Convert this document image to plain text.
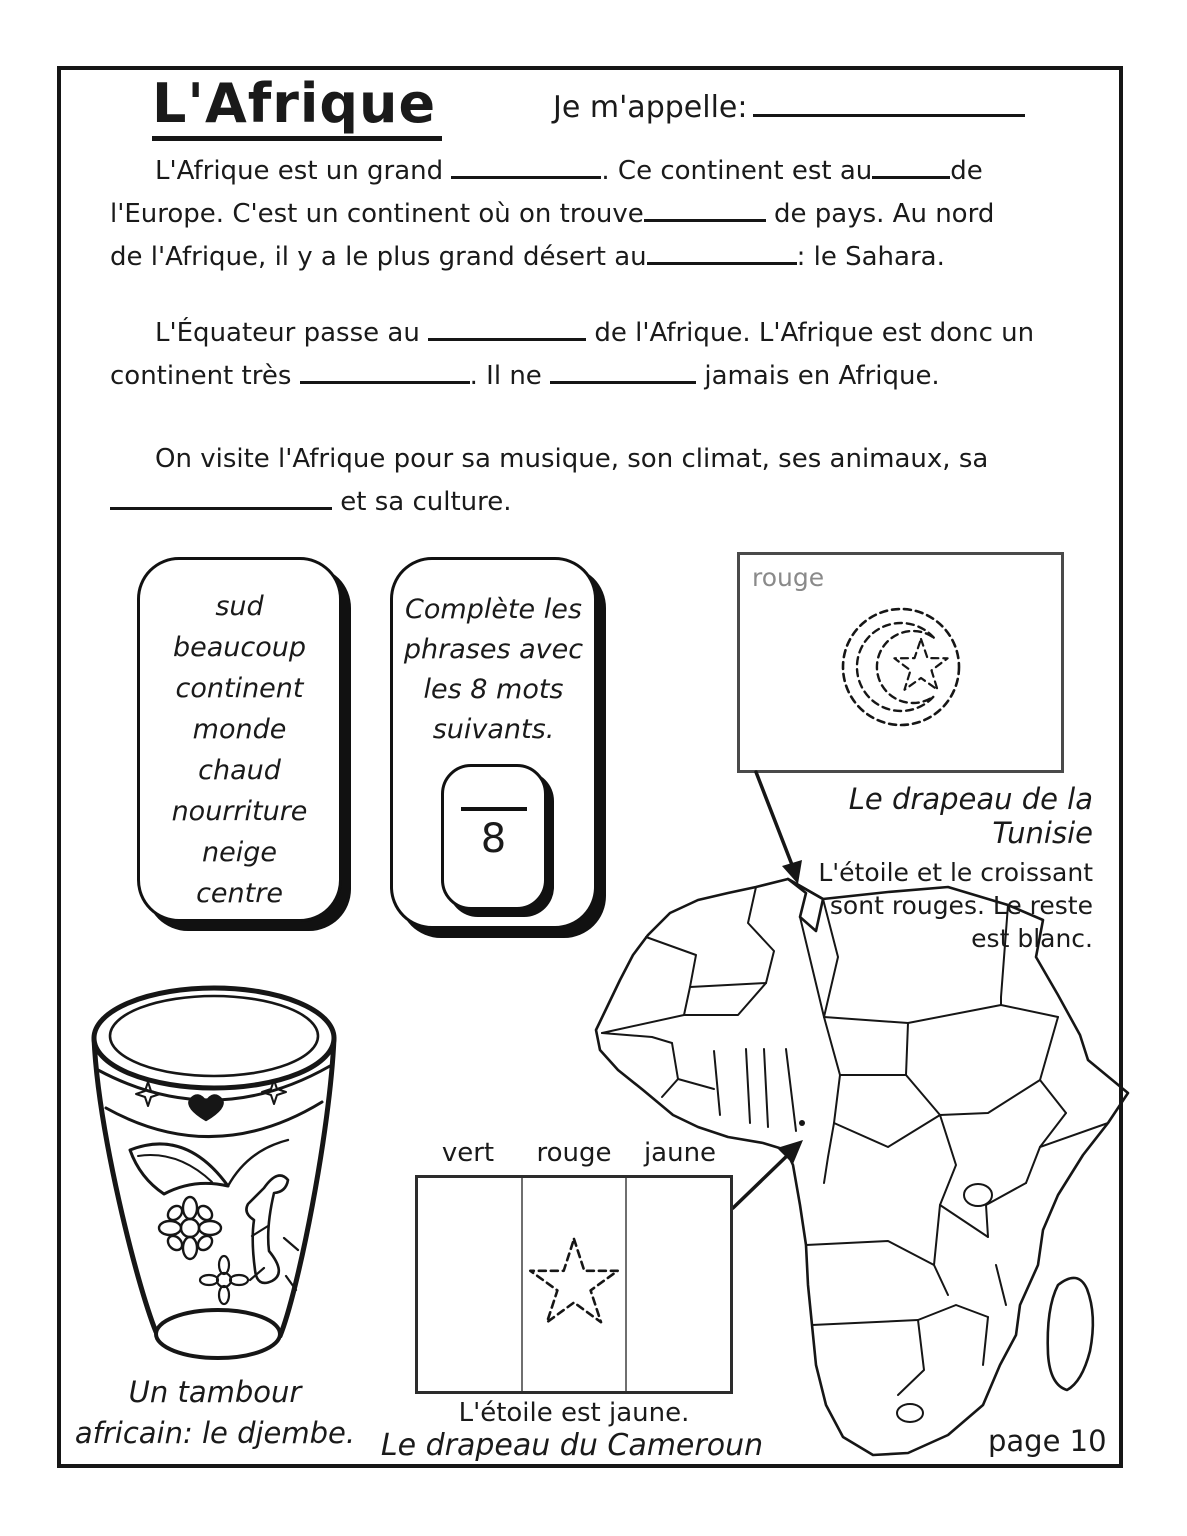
L'Afrique	Je m'appelle:
L'Afrique est un grand	. Ce continent est au	de
l'Europe. C'est un continent où on trouve	de pays. Au nord
de l'Afrique, il y a le plus grand désert au	: le Sahara.
L'Équateur passe au	de l'Afrique. L'Afrique est donc un
continent très	. Il ne	jamais en Afrique.
On visite l'Afrique pour sa musique, son climat, ses animaux, sa
et sa culture.
sud
beaucoup
continent
monde
chaud
nourriture
neige
centre
Complète les
phrases avec
les 8 mots
suivants.
8
rouge
Le drapeau de la Tunisie
L'étoile et le croissant
sont rouges. Le reste
est blanc.
vert rouge jaune
L'étoile est jaune.
Le drapeau du Cameroun
Un tambour
africain: le djembe.	page 10
